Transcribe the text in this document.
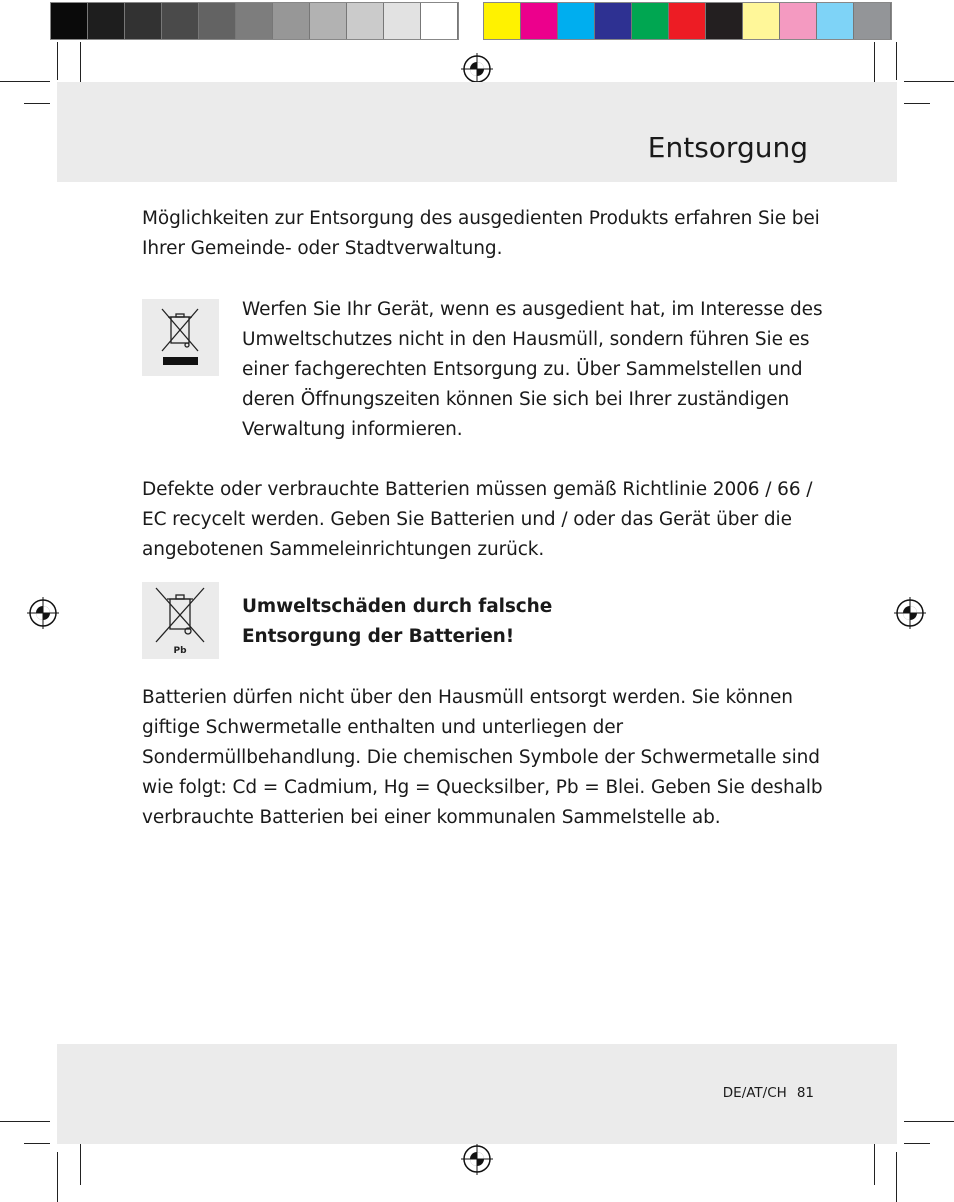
Entsorgung

Möglichkeiten zur Entsorgung des ausgedienten Produkts erfahren Sie bei Ihrer Gemeinde- oder Stadtverwaltung.

Werfen Sie Ihr Gerät, wenn es ausgedient hat, im Interesse des Umweltschutzes nicht in den Hausmüll, sondern führen Sie es einer fachgerechten Entsorgung zu. Über Sammelstellen und deren Öffnungszeiten können Sie sich bei Ihrer zuständigen Verwaltung informieren.

Defekte oder verbrauchte Batterien müssen gemäß Richtlinie 2006 / 66 / EC recycelt werden. Geben Sie Batterien und / oder das Gerät über die angebotenen Sammeleinrichtungen zurück.

Pb

Umweltschäden durch falsche
Entsorgung der Batterien!

Batterien dürfen nicht über den Hausmüll entsorgt werden. Sie können giftige Schwermetalle enthalten und unterliegen der Sondermüllbehandlung. Die chemischen Symbole der Schwermetalle sind wie folgt: Cd = Cadmium, Hg = Quecksilber, Pb = Blei. Geben Sie deshalb verbrauchte Batterien bei einer kommunalen Sammelstelle ab.

DE/AT/CH 81
